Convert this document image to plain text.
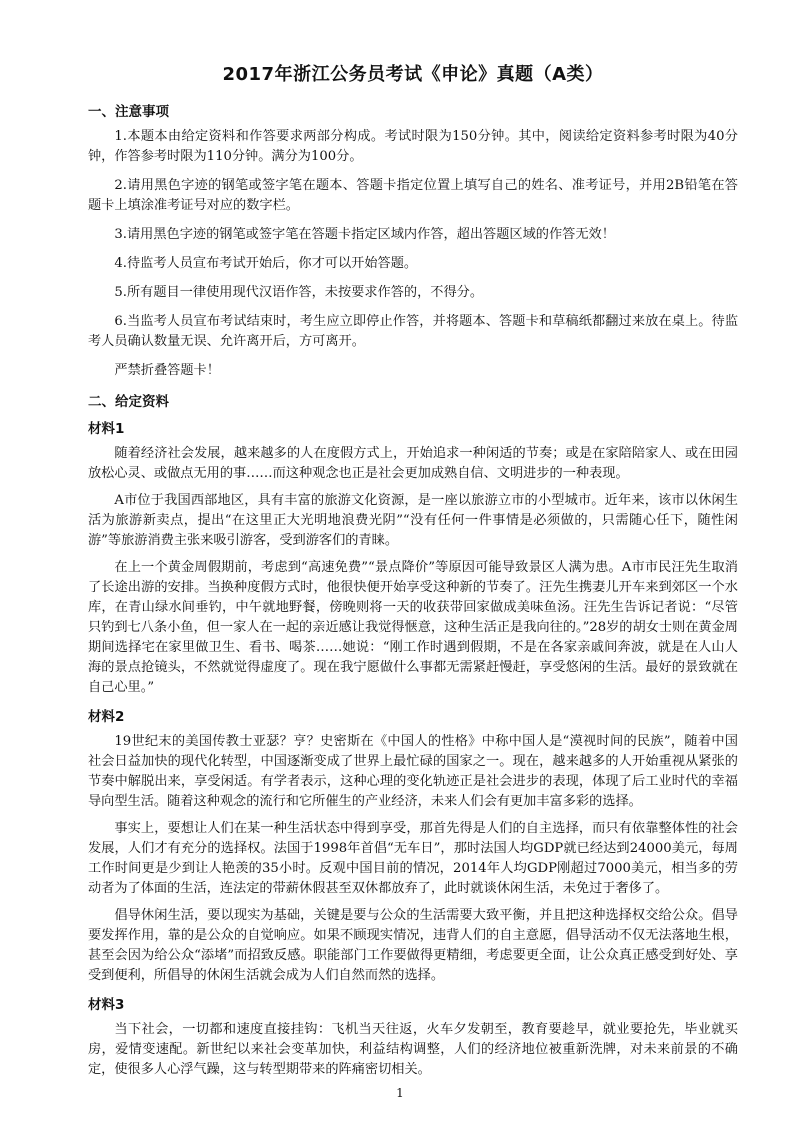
2017年浙江公务员考试《申论》真题（A类）
一、注意事项

1.本题本由给定资料和作答要求两部分构成。考试时限为150分钟。其中，阅读给定资料参考时限为40分钟，作答参考时限为110分钟。满分为100分。

2.请用黑色字迹的钢笔或签字笔在题本、答题卡指定位置上填写自己的姓名、准考证号，并用2B铅笔在答题卡上填涂准考证号对应的数字栏。

3.请用黑色字迹的钢笔或签字笔在答题卡指定区域内作答，超出答题区域的作答无效！

4.待监考人员宣布考试开始后，你才可以开始答题。

5.所有题目一律使用现代汉语作答，未按要求作答的，不得分。

6.当监考人员宣布考试结束时，考生应立即停止作答，并将题本、答题卡和草稿纸都翻过来放在桌上。待监考人员确认数量无误、允许离开后，方可离开。

严禁折叠答题卡！

二、给定资料
材料1

随着经济社会发展，越来越多的人在度假方式上，开始追求一种闲适的节奏；或是在家陪陪家人、或在田园放松心灵、或做点无用的事……而这种观念也正是社会更加成熟自信、文明进步的一种表现。

A市位于我国西部地区，具有丰富的旅游文化资源，是一座以旅游立市的小型城市。近年来，该市以休闲生活为旅游新卖点，提出“在这里正大光明地浪费光阴”“没有任何一件事情是必须做的，只需随心任下，随性闲游”等旅游消费主张来吸引游客，受到游客们的青睐。

在上一个黄金周假期前，考虑到“高速免费”“景点降价”等原因可能导致景区人满为患。A市市民汪先生取消了长途出游的安排。当换种度假方式时，他很快便开始享受这种新的节奏了。汪先生携妻儿开车来到郊区一个水库，在青山绿水间垂钓，中午就地野餐，傍晚则将一天的收获带回家做成美味鱼汤。汪先生告诉记者说：“尽管只钓到七八条小鱼，但一家人在一起的亲近感让我觉得惬意，这种生活正是我向往的。”28岁的胡女士则在黄金周期间选择宅在家里做卫生、看书、喝茶……她说：“刚工作时遇到假期，不是在各家亲戚间奔波，就是在人山人海的景点抢镜头，不然就觉得虚度了。现在我宁愿做什么事都无需紧赶慢赶，享受悠闲的生活。最好的景致就在自己心里。”

材料2

19世纪末的美国传教士亚瑟？亨？史密斯在《中国人的性格》中称中国人是“漠视时间的民族”，随着中国社会日益加快的现代化转型，中国逐渐变成了世界上最忙碌的国家之一。现在，越来越多的人开始重视从紧张的节奏中解脱出来，享受闲适。有学者表示，这种心理的变化轨迹正是社会进步的表现，体现了后工业时代的幸福导向型生活。随着这种观念的流行和它所催生的产业经济，未来人们会有更加丰富多彩的选择。

事实上，要想让人们在某一种生活状态中得到享受，那首先得是人们的自主选择，而只有依靠整体性的社会发展，人们才有充分的选择权。法国于1998年首倡“无车日”，那时法国人均GDP就已经达到24000美元，每周工作时间更是少到让人艳羡的35小时。反观中国目前的情况，2014年人均GDP刚超过7000美元，相当多的劳动者为了体面的生活，连法定的带薪休假甚至双休都放弃了，此时就谈休闲生活，未免过于奢侈了。

倡导休闲生活，要以现实为基础，关键是要与公众的生活需要大致平衡，并且把这种选择权交给公众。倡导要发挥作用，靠的是公众的自觉响应。如果不顾现实情况，违背人们的自主意愿，倡导活动不仅无法落地生根，甚至会因为给公众“添堵”而招致反感。职能部门工作要做得更精细，考虑要更全面，让公众真正感受到好处、享受到便利，所倡导的休闲生活就会成为人们自然而然的选择。

材料3

当下社会，一切都和速度直接挂钩：飞机当天往返，火车夕发朝至，教育要趁早，就业要抢先，毕业就买房，爱情变速配。新世纪以来社会变革加快，利益结构调整，人们的经济地位被重新洗牌，对未来前景的不确定，使很多人心浮气躁，这与转型期带来的阵痛密切相关。

1
